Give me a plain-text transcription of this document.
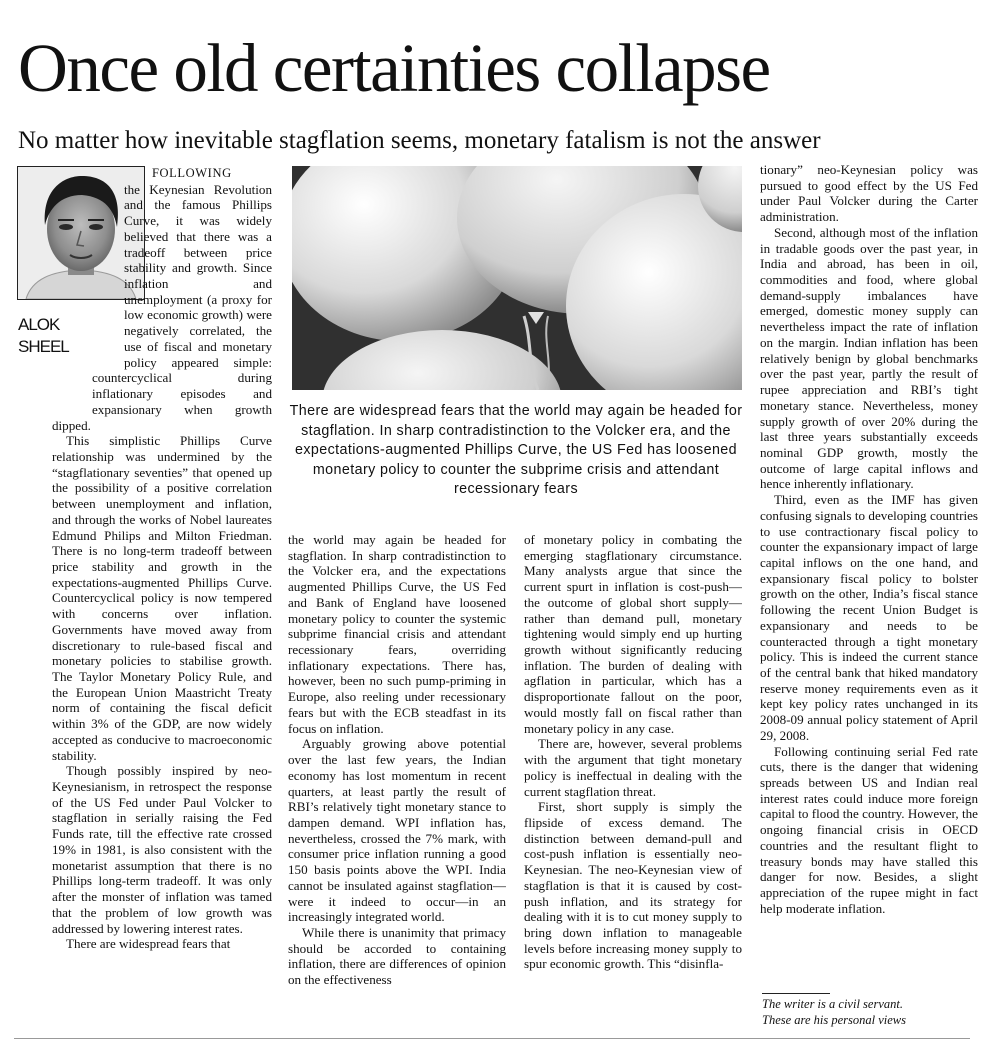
Once old certainties collapse
No matter how inevitable stagflation seems, monetary fatalism is not the answer

ALOK
SHEEL

There are widespread fears that the world may again be headed for stagflation. In sharp contradistinction to the Volcker era, and the expectations-augmented Phillips Curve, the US Fed has loosened monetary policy to counter the subprime crisis and attendant recessionary fears

FOLLOWING
the Keynesian Revolution and the famous Phillips Curve, it was widely believed that there was a tradeoff between price stability and growth. Since inflation and unemployment (a proxy for low economic growth) were negatively correlated, the use of fiscal and monetary policy appeared simple: countercyclical during inflationary episodes and expansionary when growth dipped.

This simplistic Phillips Curve relationship was undermined by the “stagflationary seventies” that opened up the possibility of a positive correlation between unemployment and inflation, and through the works of Nobel laureates Edmund Philips and Milton Friedman. There is no long-term tradeoff between price stability and growth in the expectations-augmented Phillips Curve. Countercyclical policy is now tempered with concerns over inflation. Governments have moved away from discretionary to rule-based fiscal and monetary policies to stabilise growth. The Taylor Monetary Policy Rule, and the European Union Maastricht Treaty norm of containing the fiscal deficit within 3% of the GDP, are now widely accepted as conducive to macroeconomic stability.

Though possibly inspired by neo-Keynesianism, in retrospect the response of the US Fed under Paul Volcker to stagflation in serially raising the Fed Funds rate, till the effective rate crossed 19% in 1981, is also consistent with the monetarist assumption that there is no Phillips long-term tradeoff. It was only after the monster of inflation was tamed that the problem of low growth was addressed by lowering interest rates.

There are widespread fears that

the world may again be headed for stagflation. In sharp contradistinction to the Volcker era, and the expectations augmented Phillips Curve, the US Fed and Bank of England have loosened monetary policy to counter the systemic subprime financial crisis and attendant recessionary fears, overriding inflationary expectations. There has, however, been no such pump-priming in Europe, also reeling under recessionary fears but with the ECB steadfast in its focus on inflation.

Arguably growing above potential over the last few years, the Indian economy has lost momentum in recent quarters, at least partly the result of RBI’s relatively tight monetary stance to dampen demand. WPI inflation has, nevertheless, crossed the 7% mark, with consumer price inflation running a good 150 basis points above the WPI. India cannot be insulated against stagflation—were it indeed to occur—in an increasingly integrated world.

While there is unanimity that primacy should be accorded to containing inflation, there are differences of opinion on the effectiveness

of monetary policy in combating the emerging stagflationary circumstance. Many analysts argue that since the current spurt in inflation is cost-push—the outcome of global short supply—rather than demand pull, monetary tightening would simply end up hurting growth without significantly reducing inflation. The burden of dealing with agflation in particular, which has a disproportionate fallout on the poor, would mostly fall on fiscal rather than monetary policy in any case.

There are, however, several problems with the argument that tight monetary policy is ineffectual in dealing with the current stagflation threat.

First, short supply is simply the flipside of excess demand. The distinction between demand-pull and cost-push inflation is essentially neo-Keynesian. The neo-Keynesian view of stagflation is that it is caused by cost-push inflation, and its strategy for dealing with it is to cut money supply to bring down inflation to manageable levels before increasing money supply to spur economic growth. This “disinfla-

tionary” neo-Keynesian policy was pursued to good effect by the US Fed under Paul Volcker during the Carter administration.

Second, although most of the inflation in tradable goods over the past year, in India and abroad, has been in oil, commodities and food, where global demand-supply imbalances have emerged, domestic money supply can nevertheless impact the rate of inflation on the margin. Indian inflation has been relatively benign by global benchmarks over the past year, partly the result of rupee appreciation and RBI’s tight monetary stance. Nevertheless, money supply growth of over 20% during the last three years substantially exceeds nominal GDP growth, mostly the outcome of large capital inflows and hence inherently inflationary.

Third, even as the IMF has given confusing signals to developing countries to use contractionary fiscal policy to counter the expansionary impact of large capital inflows on the one hand, and expansionary fiscal policy to bolster growth on the other, India’s fiscal stance following the recent Union Budget is expansionary and needs to be counteracted through a tight monetary policy. This is indeed the current stance of the central bank that hiked mandatory reserve money requirements even as it kept key policy rates unchanged in its 2008-09 annual policy statement of April 29, 2008.

Following continuing serial Fed rate cuts, there is the danger that widening spreads between US and Indian real interest rates could induce more foreign capital to flood the country. However, the ongoing financial crisis in OECD countries and the resultant flight to treasury bonds may have stalled this danger for now. Besides, a slight appreciation of the rupee might in fact help moderate inflation.

The writer is a civil servant.
These are his personal views
